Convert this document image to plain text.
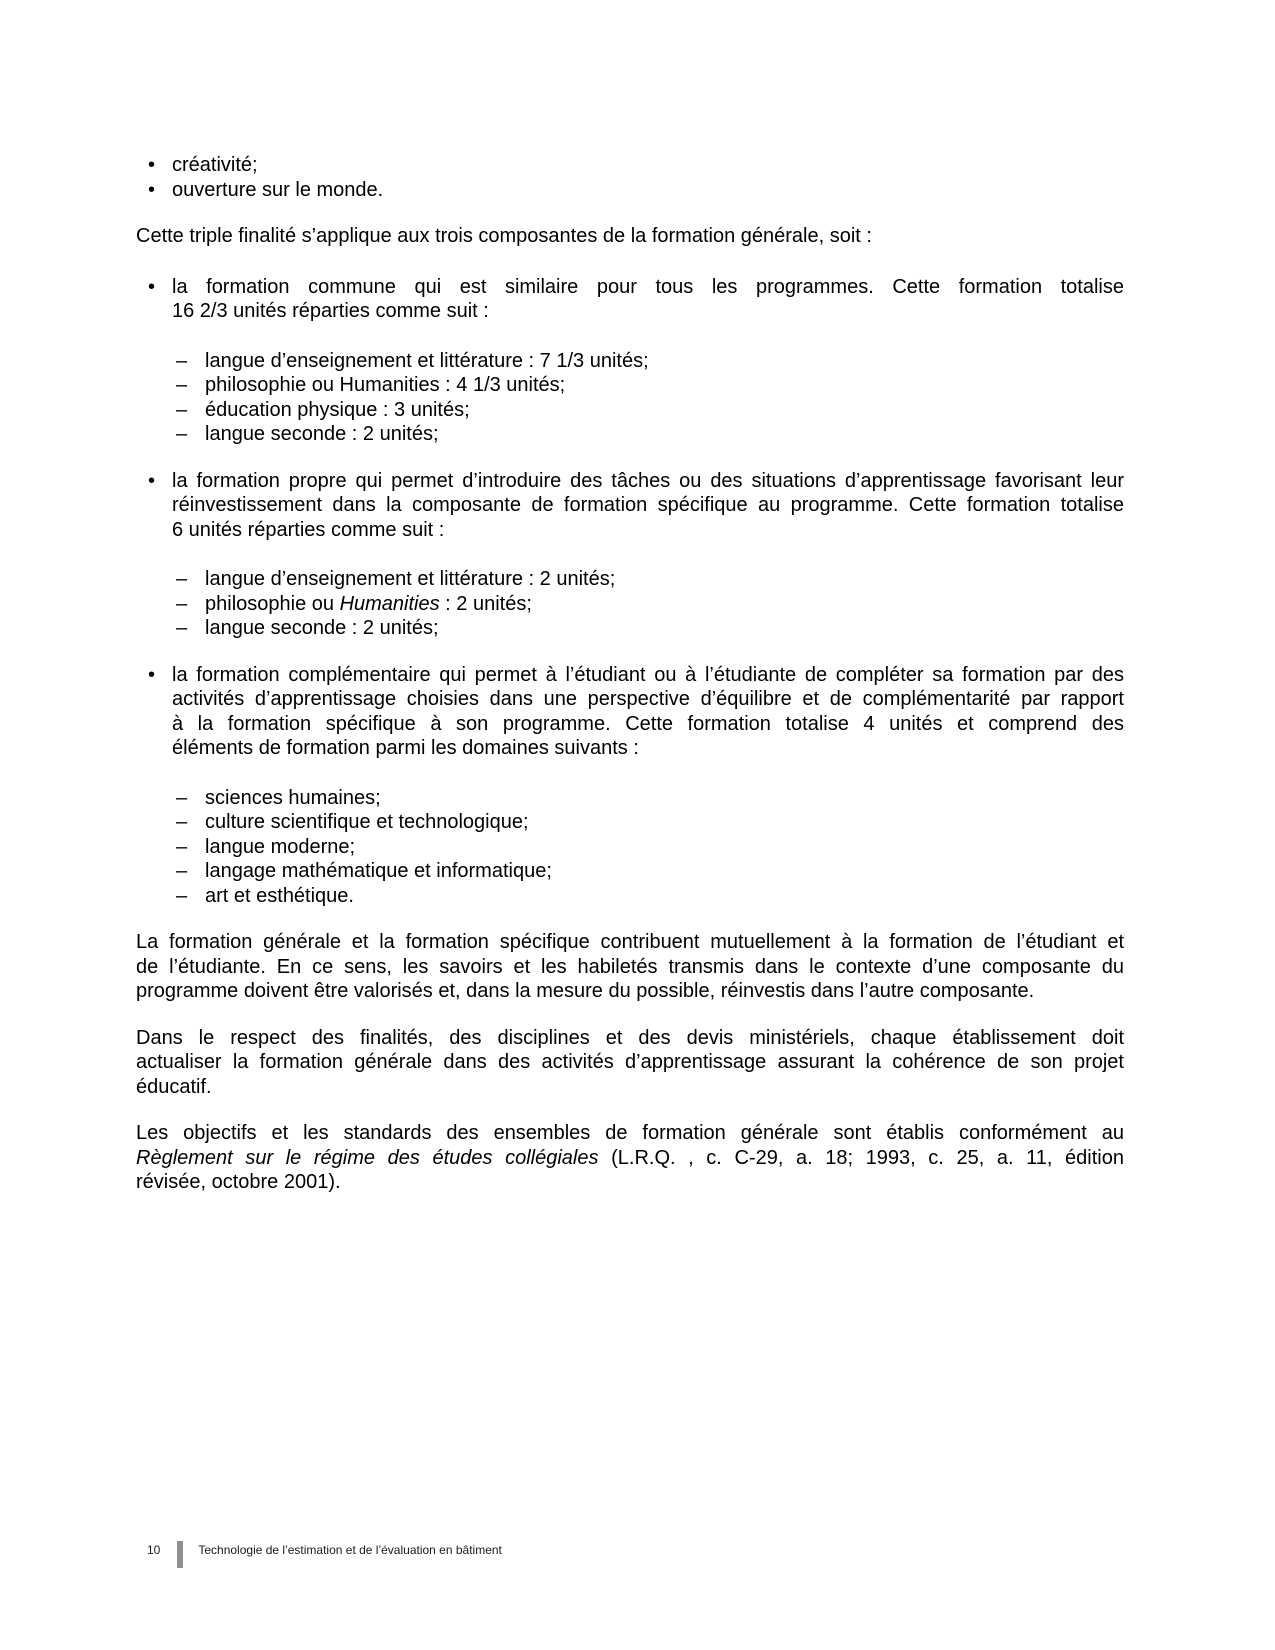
• créativité;
• ouverture sur le monde.

Cette triple finalité s’applique aux trois composantes de la formation générale, soit :

• la formation commune qui est similaire pour tous les programmes. Cette formation totalise
16 2/3 unités réparties comme suit :
– langue d’enseignement et littérature : 7 1/3 unités;
– philosophie ou Humanities : 4 1/3 unités;
– éducation physique : 3 unités;
– langue seconde : 2 unités;
• la formation propre qui permet d’introduire des tâches ou des situations d’apprentissage favorisant leur
réinvestissement dans la composante de formation spécifique au programme. Cette formation totalise
6 unités réparties comme suit :
– langue d’enseignement et littérature : 2 unités;
– philosophie ou Humanities : 2 unités;
– langue seconde : 2 unités;
• la formation complémentaire qui permet à l’étudiant ou à l’étudiante de compléter sa formation par des
activités d’apprentissage choisies dans une perspective d’équilibre et de complémentarité par rapport
à la formation spécifique à son programme. Cette formation totalise 4 unités et comprend des
éléments de formation parmi les domaines suivants :
– sciences humaines;
– culture scientifique et technologique;
– langue moderne;
– langage mathématique et informatique;
– art et esthétique.

La formation générale et la formation spécifique contribuent mutuellement à la formation de l’étudiant et
de l’étudiante. En ce sens, les savoirs et les habiletés transmis dans le contexte d’une composante du
programme doivent être valorisés et, dans la mesure du possible, réinvestis dans l’autre composante.

Dans le respect des finalités, des disciplines et des devis ministériels, chaque établissement doit
actualiser la formation générale dans des activités d’apprentissage assurant la cohérence de son projet
éducatif.

Les objectifs et les standards des ensembles de formation générale sont établis conformément au
Règlement sur le régime des études collégiales (L.R.Q. , c. C-29, a. 18; 1993, c. 25, a. 11, édition
révisée, octobre 2001).

10	Technologie de l’estimation et de l’évaluation en bâtiment
